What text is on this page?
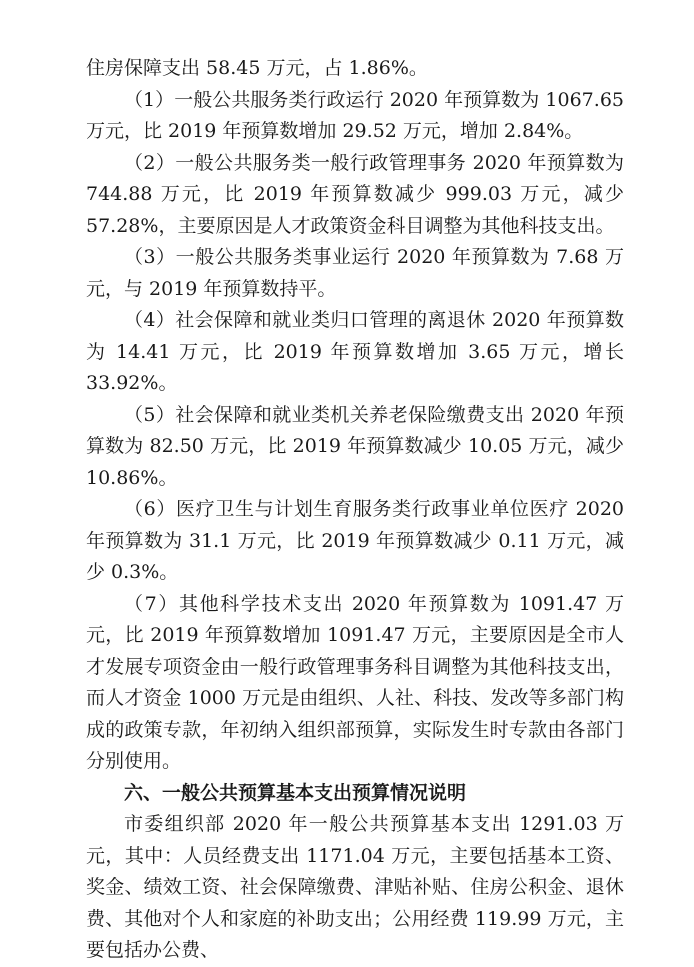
住房保障支出 58.45 万元，占 1.86%。

（1）一般公共服务类行政运行 2020 年预算数为 1067.65 万元，比 2019 年预算数增加 29.52 万元，增加 2.84%。

（2）一般公共服务类一般行政管理事务 2020 年预算数为 744.88 万元，比 2019 年预算数减少 999.03 万元，减少 57.28%，主要原因是人才政策资金科目调整为其他科技支出。

（3）一般公共服务类事业运行 2020 年预算数为 7.68 万元，与 2019 年预算数持平。

（4）社会保障和就业类归口管理的离退休 2020 年预算数为 14.41 万元，比 2019 年预算数增加 3.65 万元，增长 33.92%。

（5）社会保障和就业类机关养老保险缴费支出 2020 年预算数为 82.50 万元，比 2019 年预算数减少 10.05 万元，减少 10.86%。

（6）医疗卫生与计划生育服务类行政事业单位医疗 2020 年预算数为 31.1 万元，比 2019 年预算数减少 0.11 万元，减少 0.3%。

（7）其他科学技术支出 2020 年预算数为 1091.47 万元，比 2019 年预算数增加 1091.47 万元，主要原因是全市人才发展专项资金由一般行政管理事务科目调整为其他科技支出，而人才资金 1000 万元是由组织、人社、科技、发改等多部门构成的政策专款，年初纳入组织部预算，实际发生时专款由各部门分别使用。

六、一般公共预算基本支出预算情况说明

市委组织部 2020 年一般公共预算基本支出 1291.03 万元，其中：人员经费支出 1171.04 万元，主要包括基本工资、奖金、绩效工资、社会保障缴费、津贴补贴、住房公积金、退休费、其他对个人和家庭的补助支出；公用经费 119.99 万元，主要包括办公费、
